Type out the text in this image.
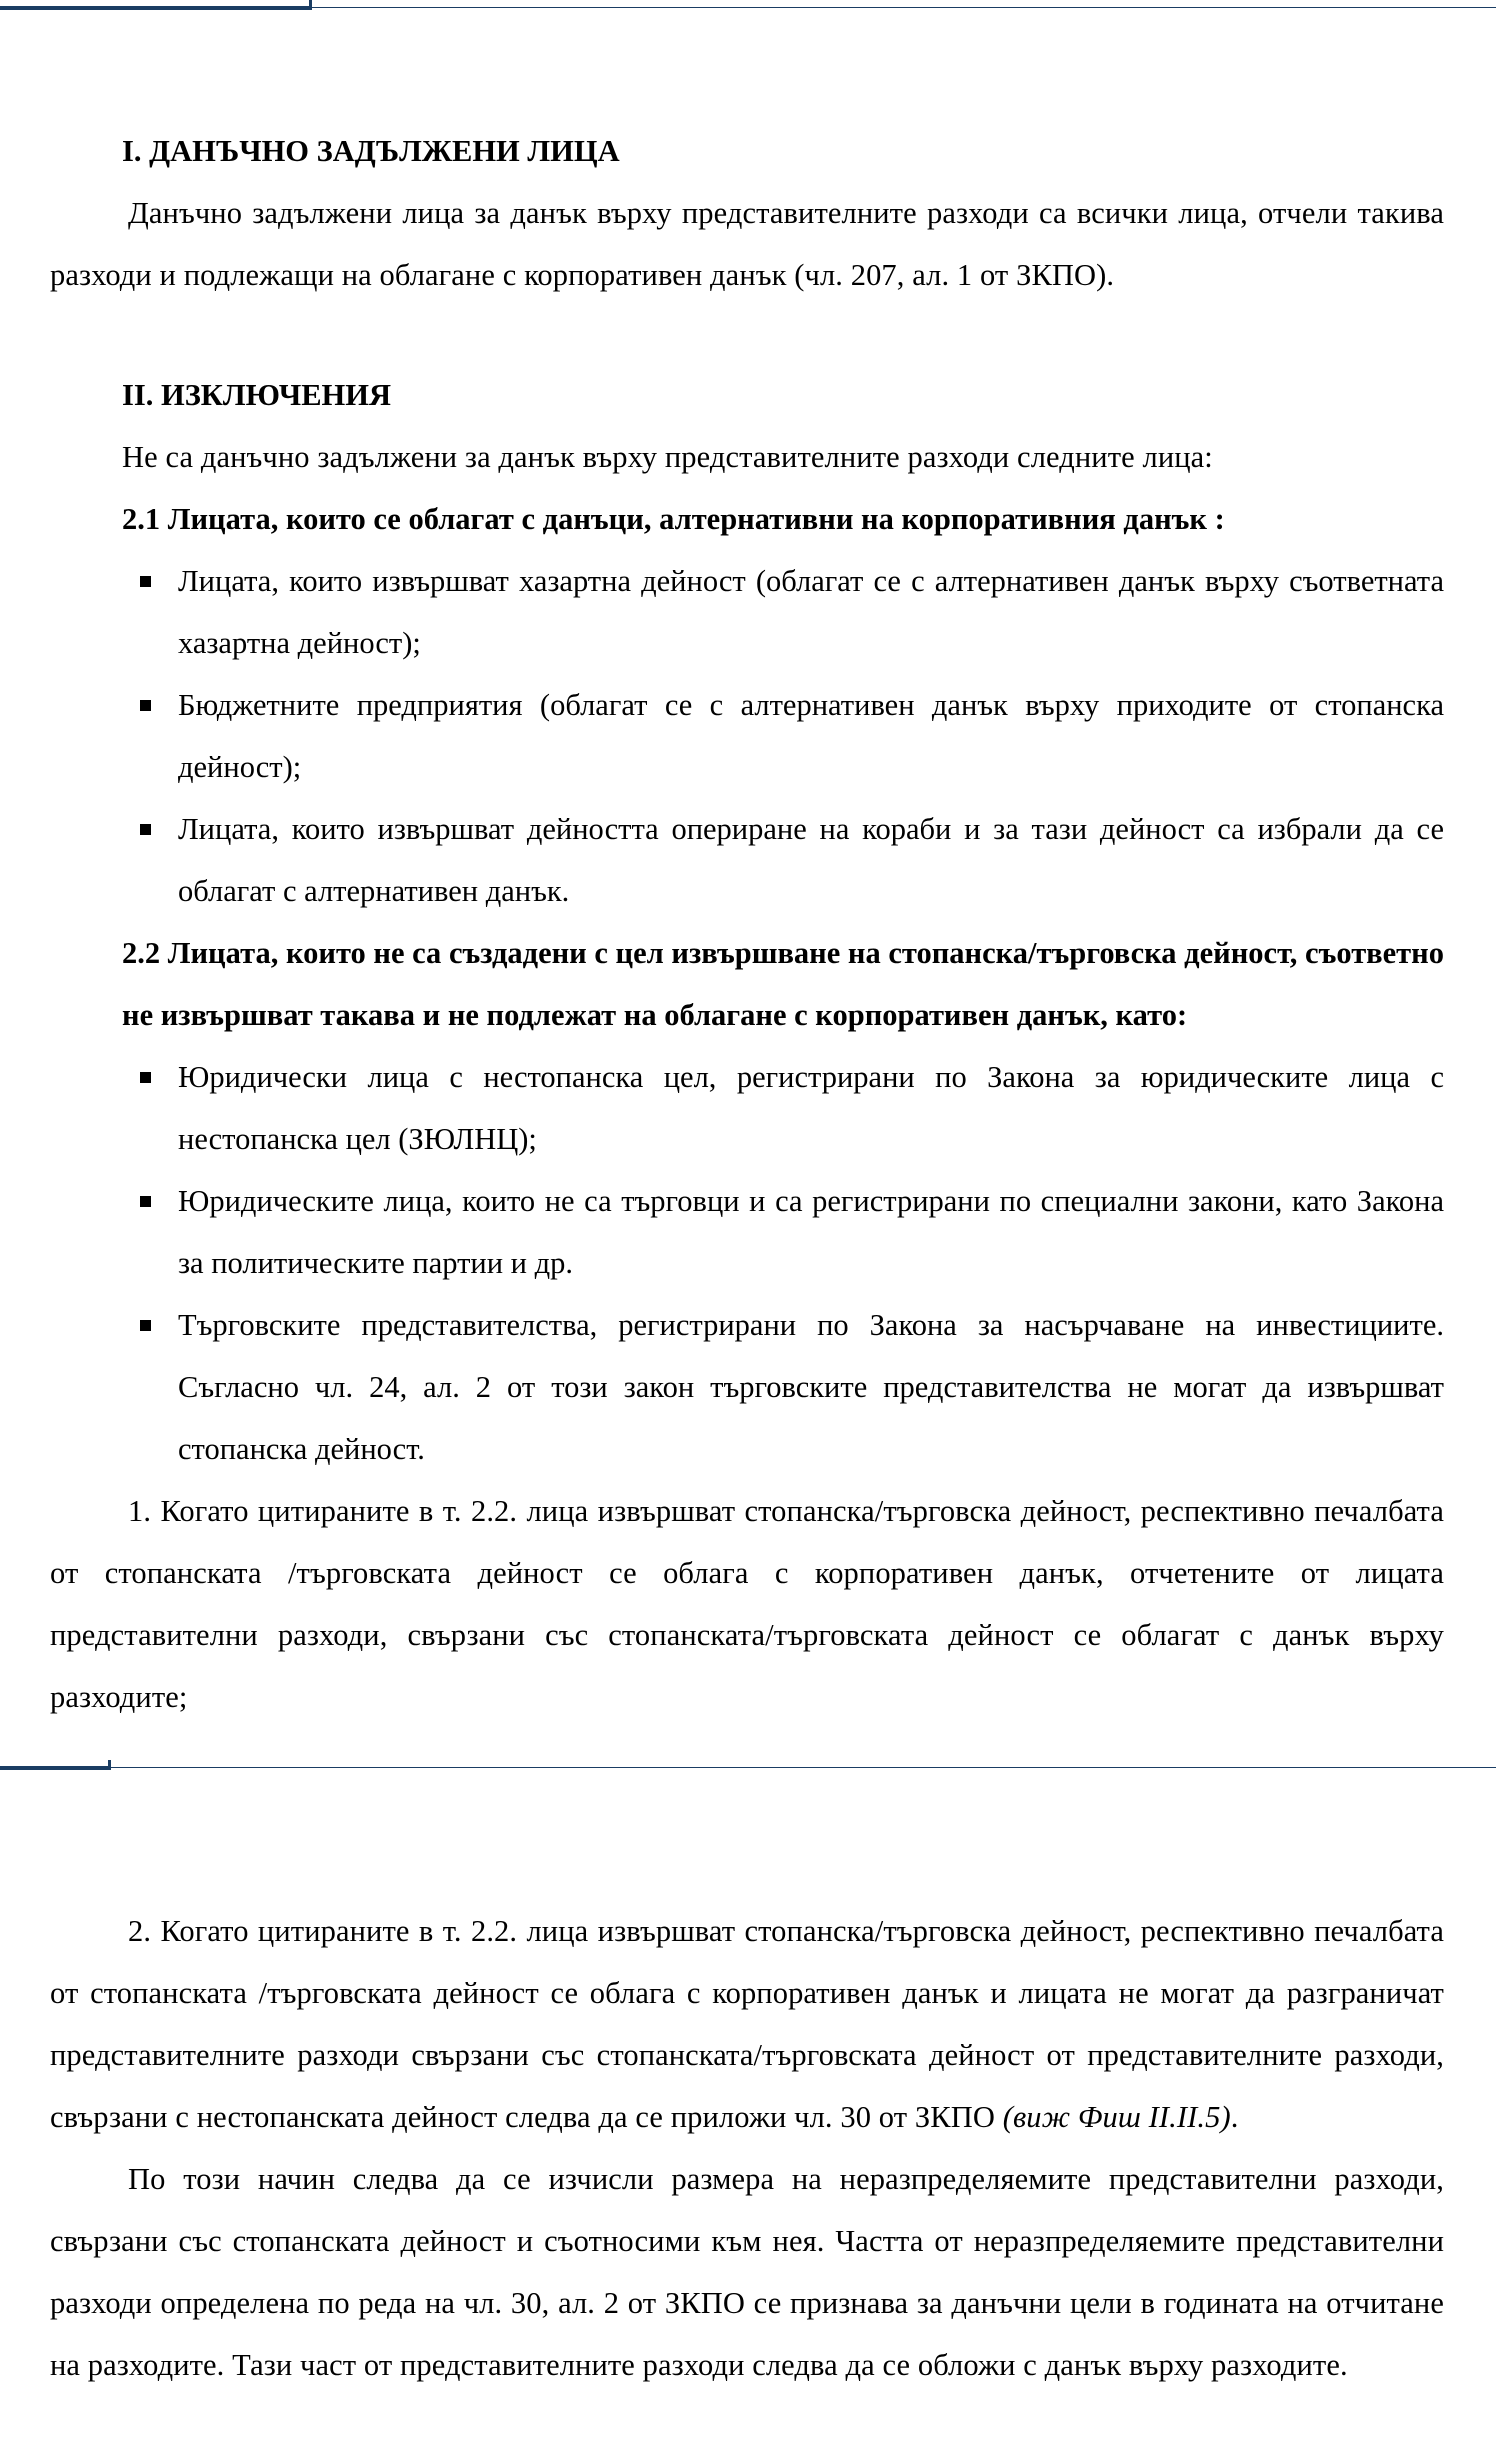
I. ДАНЪЧНО ЗАДЪЛЖЕНИ ЛИЦА

Данъчно задължени лица за данък върху представителните разходи са всички лица, отчели такива разходи и подлежащи на облагане с корпоративен данък (чл. 207, ал. 1 от ЗКПО).

II. ИЗКЛЮЧЕНИЯ

Не са данъчно задължени за данък върху представителните разходи следните лица:

2.1 Лицата, които се облагат с данъци, алтернативни на корпоративния данък :

Лицата, които извършват хазартна дейност (облагат се с алтернативен данък върху съответната хазартна дейност);
Бюджетните предприятия (облагат се с алтернативен данък върху приходите от стопанска дейност);
Лицата, които извършват дейността опериране на кораби и за тази дейност са избрали да се облагат с алтернативен данък.

2.2 Лицата, които не са създадени с цел извършване на стопанска/търговска дейност, съответно не извършват такава и не подлежат на облагане с корпоративен данък, като:

Юридически лица с нестопанска цел, регистрирани по Закона за юридическите лица с нестопанска цел (ЗЮЛНЦ);
Юридическите лица, които не са търговци и са регистрирани по специални закони, като Закона за политическите партии и др.
Търговските представителства, регистрирани по Закона за насърчаване на инвестициите. Съгласно чл. 24, ал. 2 от този закон търговските представителства не могат да извършват стопанска дейност.

1. Когато цитираните в т. 2.2. лица извършват стопанска/търговска дейност, респективно печалбата от стопанската /търговската дейност се облага с корпоративен данък, отчетените от лицата представителни разходи, свързани със стопанската/търговската дейност се облагат с данък върху разходите;

2. Когато цитираните в т. 2.2. лица извършват стопанска/търговска дейност, респективно печалбата от стопанската /търговската дейност се облага с корпоративен данък и лицата не могат да разграничат представителните разходи свързани със стопанската/търговската дейност от представителните разходи, свързани с нестопанската дейност следва да се приложи чл. 30 от ЗКПО (виж Фиш II.II.5).

По този начин следва да се изчисли размера на неразпределяемите представителни разходи, свързани със стопанската дейност и съотносими към нея. Частта от неразпределяемите представителни разходи определена по реда на чл. 30, ал. 2 от ЗКПО се признава за данъчни цели в годината на отчитане на разходите. Тази част от представителните разходи следва да се обложи с данък върху разходите.
